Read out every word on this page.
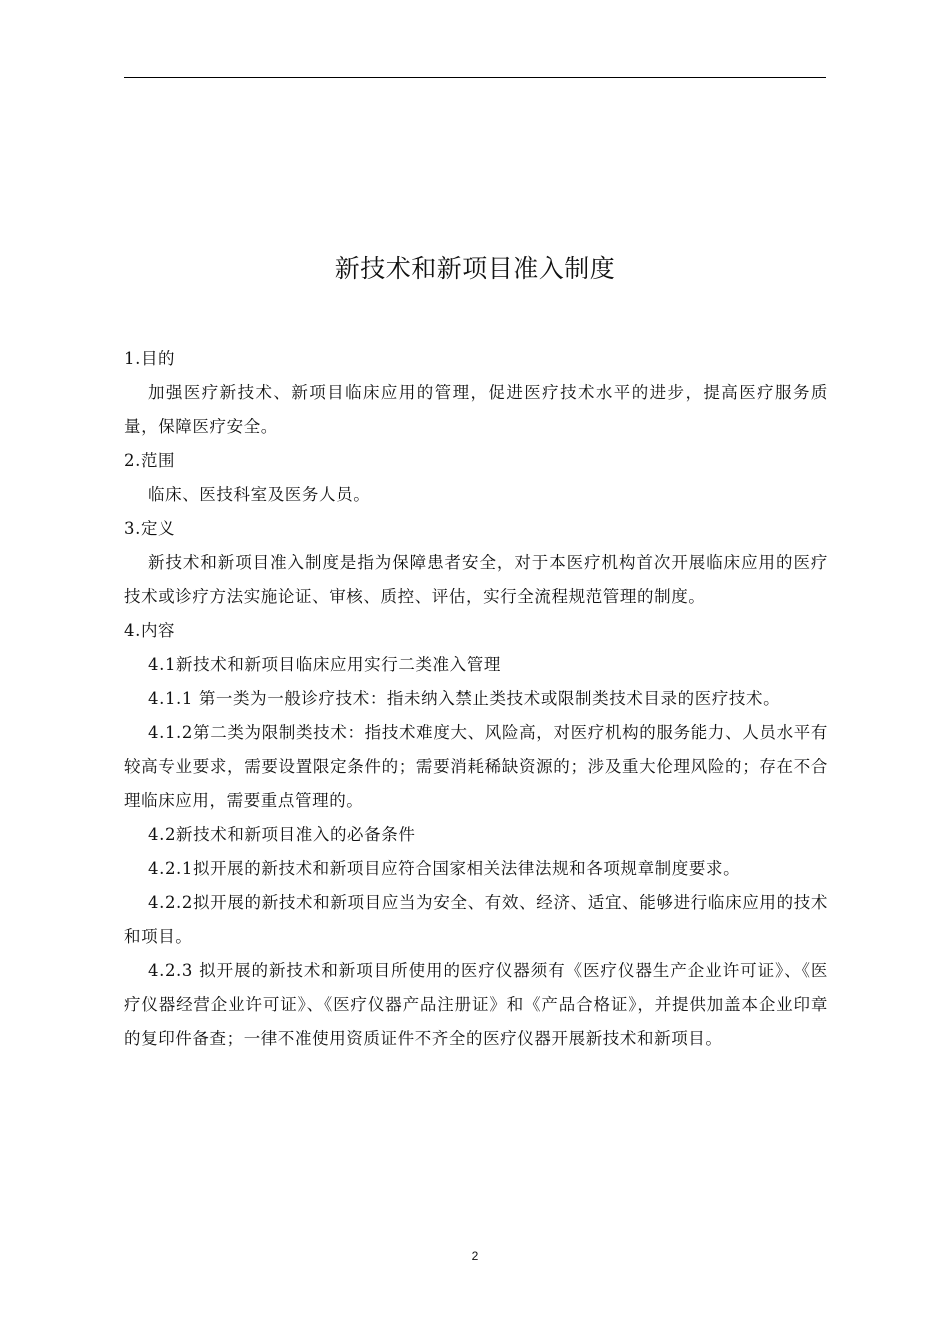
新技术和新项目准入制度

1.目的

加强医疗新技术、新项目临床应用的管理，促进医疗技术水平的进步，提高医疗服务质量，保障医疗安全。

2.范围

临床、医技科室及医务人员。

3.定义

新技术和新项目准入制度是指为保障患者安全，对于本医疗机构首次开展临床应用的医疗技术或诊疗方法实施论证、审核、质控、评估，实行全流程规范管理的制度。

4.内容

4.1新技术和新项目临床应用实行二类准入管理

4.1.1 第一类为一般诊疗技术：指未纳入禁止类技术或限制类技术目录的医疗技术。

4.1.2第二类为限制类技术：指技术难度大、风险高，对医疗机构的服务能力、人员水平有较高专业要求，需要设置限定条件的；需要消耗稀缺资源的；涉及重大伦理风险的；存在不合理临床应用，需要重点管理的。

4.2新技术和新项目准入的必备条件

4.2.1拟开展的新技术和新项目应符合国家相关法律法规和各项规章制度要求。

4.2.2拟开展的新技术和新项目应当为安全、有效、经济、适宜、能够进行临床应用的技术和项目。

4.2.3 拟开展的新技术和新项目所使用的医疗仪器须有《医疗仪器生产企业许可证》、《医疗仪器经营企业许可证》、《医疗仪器产品注册证》和《产品合格证》，并提供加盖本企业印章的复印件备查；一律不准使用资质证件不齐全的医疗仪器开展新技术和新项目。

2
